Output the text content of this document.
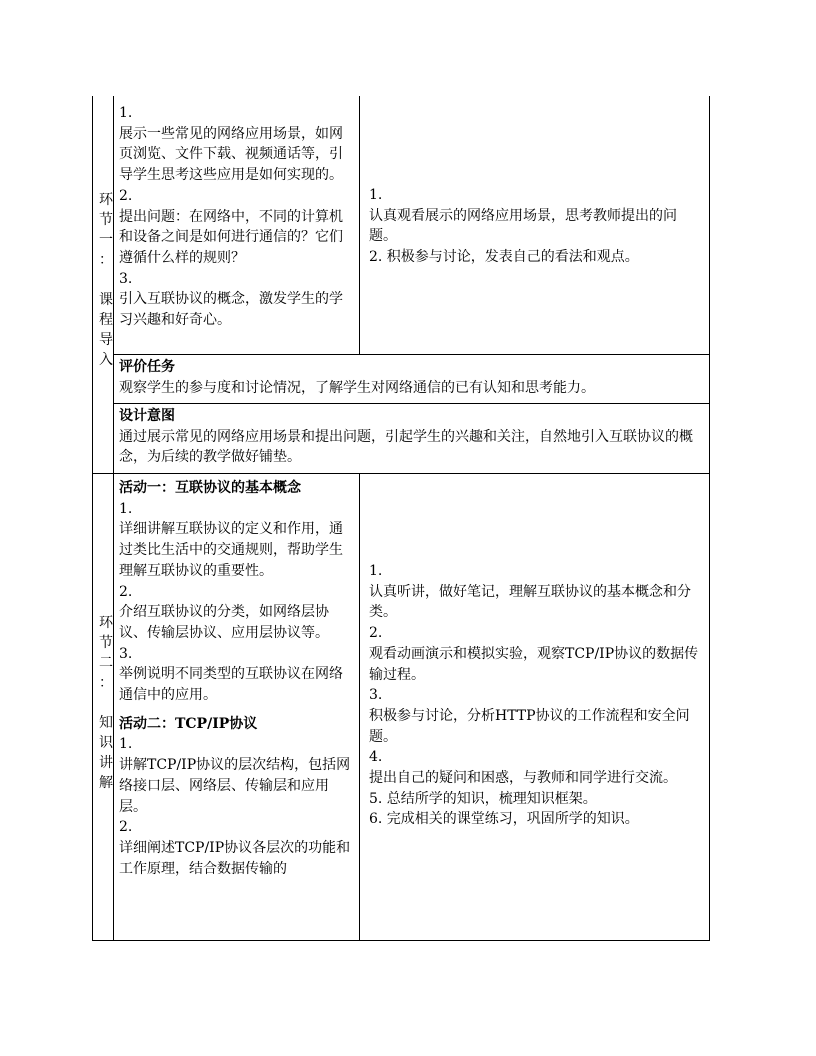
环
节
一
：
课
程
导
入

1.

展示一些常见的网络应用场景，如网页浏览、文件下载、视频通话等，引导学生思考这些应用是如何实现的。

2.

提出问题：在网络中，不同的计算机和设备之间是如何进行通信的？它们遵循什么样的规则？

3.

引入互联协议的概念，激发学生的学习兴趣和好奇心。

1.

认真观看展示的网络应用场景，思考教师提出的问题。

2. 积极参与讨论，发表自己的看法和观点。

评价任务

观察学生的参与度和讨论情况，了解学生对网络通信的已有认知和思考能力。

设计意图

通过展示常见的网络应用场景和提出问题，引起学生的兴趣和关注，自然地引入互联协议的概念，为后续的教学做好铺垫。

环
节
二
：
知
识
讲
解

活动一：互联协议的基本概念

1.

详细讲解互联协议的定义和作用，通过类比生活中的交通规则，帮助学生理解互联协议的重要性。

2.

介绍互联协议的分类，如网络层协议、传输层协议、应用层协议等。

3.

举例说明不同类型的互联协议在网络通信中的应用。

活动二：TCP/IP协议

1.

讲解TCP/IP协议的层次结构，包括网络接口层、网络层、传输层和应用层。

2.

详细阐述TCP/IP协议各层次的功能和工作原理，结合数据传输的

1.

认真听讲，做好笔记，理解互联协议的基本概念和分类。

2.

观看动画演示和模拟实验，观察TCP/IP协议的数据传输过程。

3.

积极参与讨论，分析HTTP协议的工作流程和安全问题。

4.

提出自己的疑问和困惑，与教师和同学进行交流。

5. 总结所学的知识，梳理知识框架。

6. 完成相关的课堂练习，巩固所学的知识。
